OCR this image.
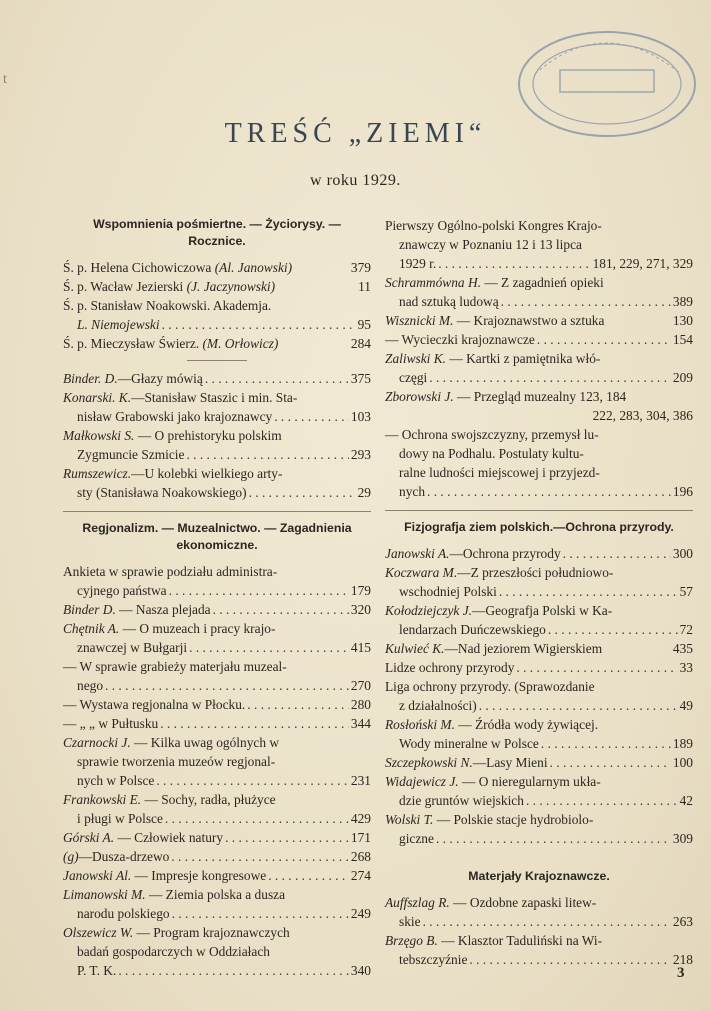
t
TREŚĆ „ZIEMI“
w roku 1929.
Wspomnienia pośmiertne. — Życiorysy. — Rocznice.
Ś. p. Helena Cichowiczowa (Al. Janowski)	379
Ś. p. Wacław Jezierski (J. Jaczynowski)	11
Ś. p. Stanisław Noakowski. Akademja.
L. Niemojewski . . .	95
Ś. p. Mieczysław Świerz. (M. Orłowicz)	284
Binder. D.—Głazy mówią . . .	375
Konarski. K.—Stanisław Staszic i min. Sta-
nisław Grabowski jako krajoznawcy . . .	103
Małkowski S. — O prehistoryku polskim
Zygmuncie Szmicie . . .	293
Rumszewicz.—U kolebki wielkiego arty-
sty (Stanisława Noakowskiego) . . .	29
Regjonalizm. — Muzealnictwo. — Zagadnienia ekonomiczne.
Ankieta w sprawie podziału administra-
cyjnego państwa . . .	179
Binder D. — Nasza plejada . . .	320
Chętnik A. — O muzeach i pracy krajo-
znawczej w Bułgarji . . .	415
— W sprawie grabieży materjału muzeal-
nego . . .	270
— Wystawa regjonalna w Płocku. . . .	280
— „ „ w Pułtusku . . .	344
Czarnocki J. — Kilka uwag ogólnych w
sprawie tworzenia muzeów regjonal-
nych w Polsce . . .	231
Frankowski E. — Sochy, radła, płużyce
i pługi w Polsce . . .	429
Górski A. — Człowiek natury . . .	171
(g)—Dusza-drzewo . . .	268
Janowski Al. — Impresje kongresowe . . .	274
Limanowski M. — Ziemia polska a dusza
narodu polskiego . . .	249
Olszewicz W. — Program krajoznawczych
badań gospodarczych w Oddziałach
P. T. K. . . .	340
Pierwszy Ogólno-polski Kongres Krajo-
znawczy w Poznaniu 12 i 13 lipca
1929 r. . . .	181, 229, 271, 329
Schrammówna H. — Z zagadnień opieki
nad sztuką ludową . . .	389
Wisznicki M. — Krajoznawstwo a sztuka	130
— Wycieczki krajoznawcze . . .	154
Zaliwski K. — Kartki z pamiętnika włó-
częgi . . .	209
Zborowski J. — Przegląd muzealny 123, 184
222, 283, 304, 386
— Ochrona swojszczyzny, przemysł lu-
dowy na Podhalu. Postulaty kultu-
ralne ludności miejscowej i przyjezd-
nych . . .	196
Fizjografja ziem polskich.—Ochrona przyrody.
Janowski A.—Ochrona przyrody . . .	300
Koczwara M.—Z przeszłości południowo-
wschodniej Polski . . .	57
Kołodziejczyk J.—Geografja Polski w Ka-
lendarzach Duńczewskiego . . .	72
Kulwieć K.—Nad jeziorem Wigierskiem	435
Lidze ochrony przyrody . . .	33
Liga ochrony przyrody. (Sprawozdanie
z działalności) . . .	49
Rosłoński M. — Źródła wody żywiącej.
Wody mineralne w Polsce . . .	189
Szczepkowski N.—Lasy Mieni . . .	100
Widajewicz J. — O nieregularnym ukła-
dzie gruntów wiejskich . . .	42
Wolski T. — Polskie stacje hydrobiolo-
giczne . . .	309
Materjały Krajoznawcze.
Auffszlag R. — Ozdobne zapaski litew-
skie . . .	263
Brzęgo B. — Klasztor Taduliński na Wi-
tebszczyźnie . . .	218
3
